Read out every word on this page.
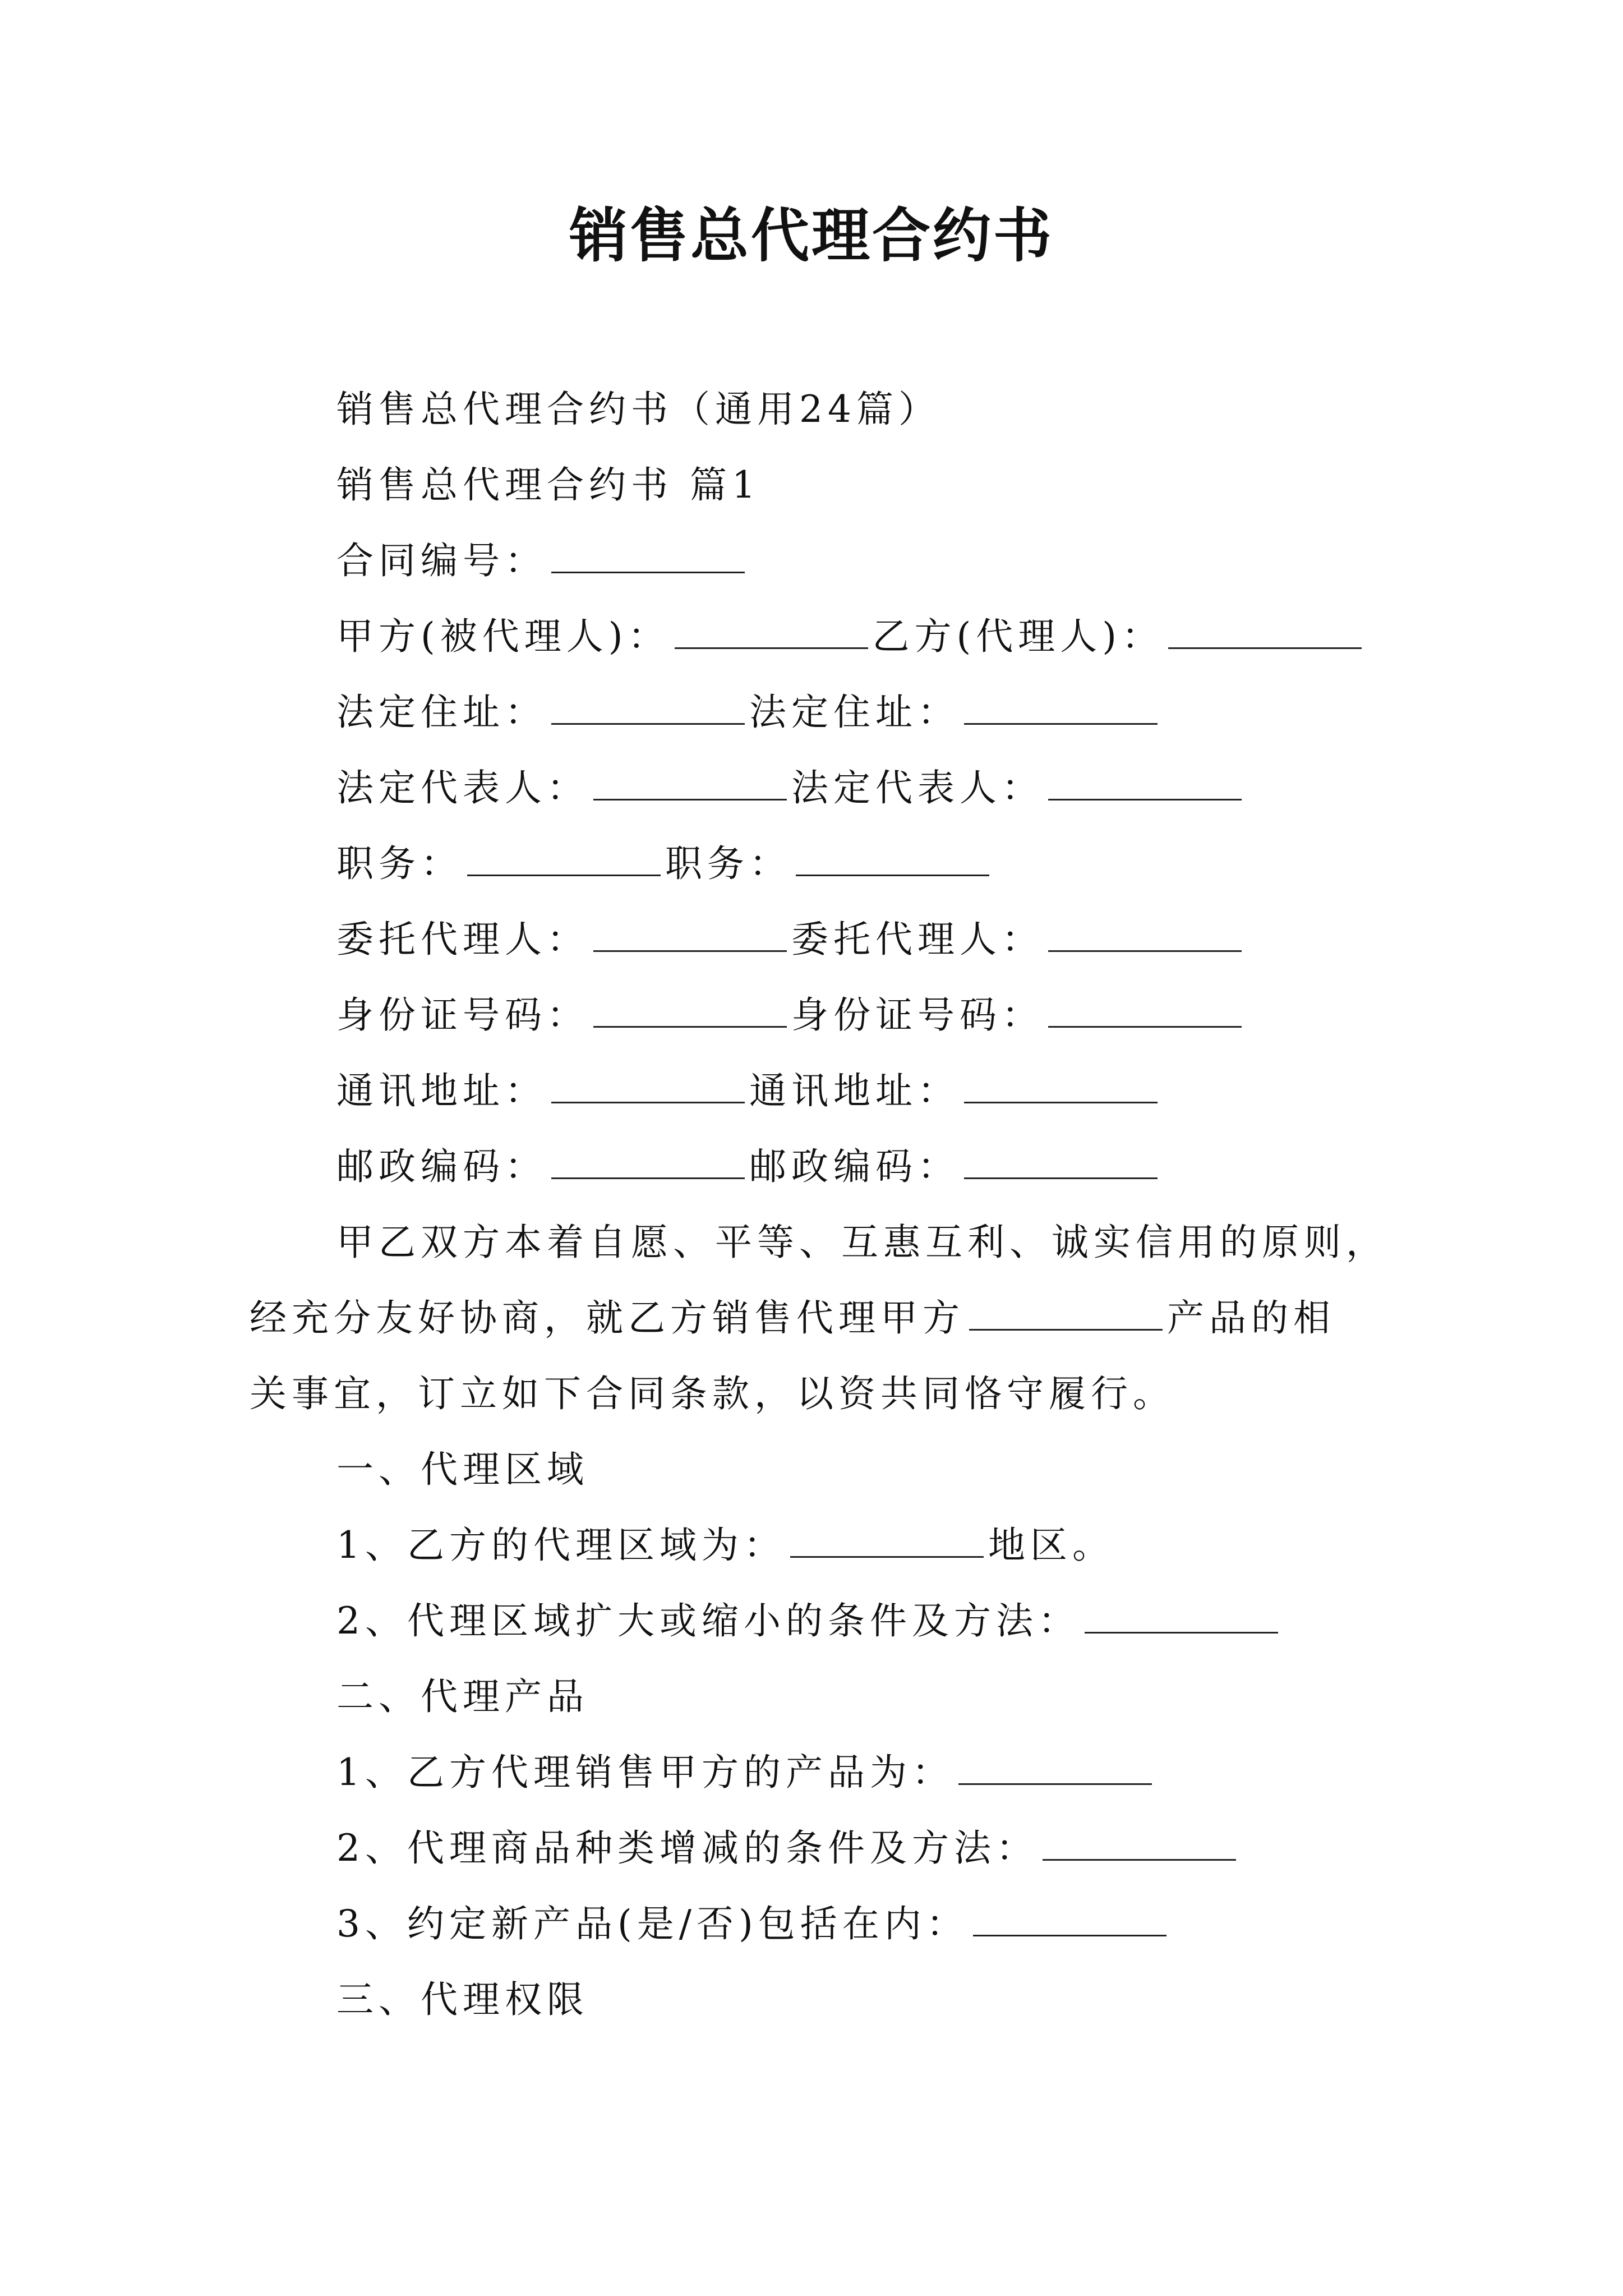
销售总代理合约书
销售总代理合约书（通用24篇）
销售总代理合约书 篇1
合同编号：
甲方(被代理人)：	乙方(代理人)：
法定住址：	法定住址：
法定代表人：	法定代表人：
职务：	职务：
委托代理人：	委托代理人：
身份证号码：	身份证号码：
通讯地址：	通讯地址：
邮政编码：	邮政编码：
甲乙双方本着自愿、平等、互惠互利、诚实信用的原则，
经充分友好协商，就乙方销售代理甲方	产品的相
关事宜，订立如下合同条款，以资共同恪守履行。
一、代理区域
1、乙方的代理区域为：	地区。
2、代理区域扩大或缩小的条件及方法：
二、代理产品
1、乙方代理销售甲方的产品为：
2、代理商品种类增减的条件及方法：
3、约定新产品(是/否)包括在内：
三、代理权限
